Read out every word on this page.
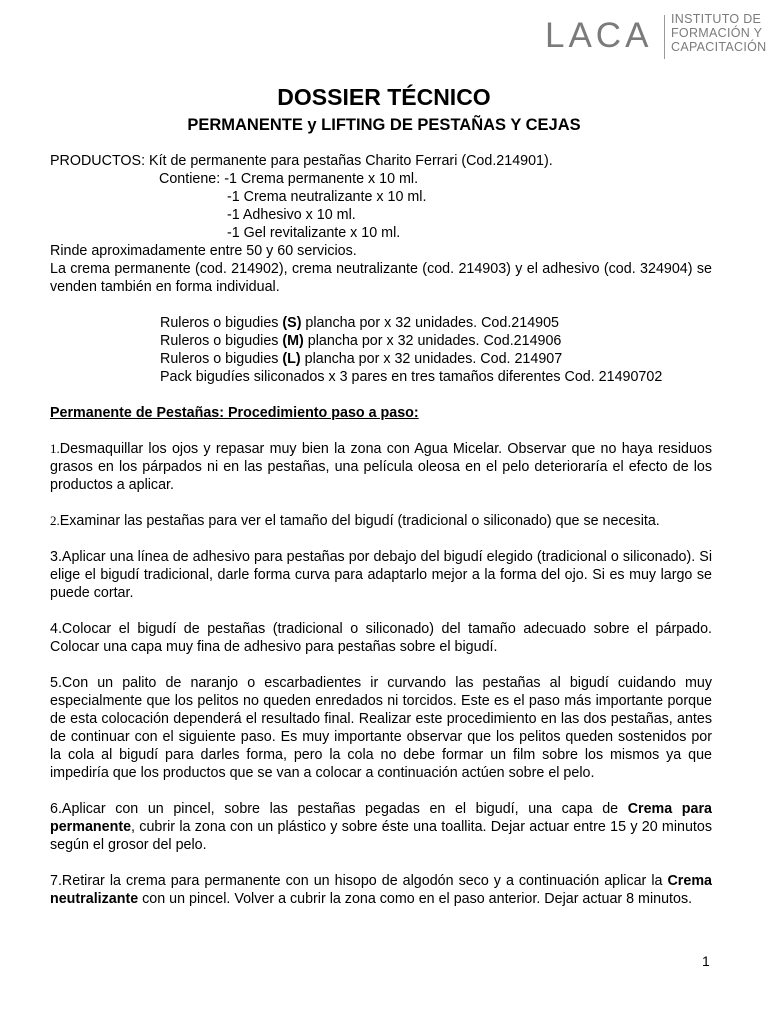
LACA INSTITUTO DE
FORMACIÓN Y
CAPACITACIÓN
DOSSIER TÉCNICO
PERMANENTE y LIFTING DE PESTAÑAS Y CEJAS

PRODUCTOS: Kít de permanente para pestañas Charito Ferrari (Cod.214901).

Contiene: -1 Crema permanente x 10 ml.

-1 Crema neutralizante x 10 ml.

-1 Adhesivo x 10 ml.

-1 Gel revitalizante x 10 ml.

Rinde aproximadamente entre 50 y 60 servicios.

La crema permanente (cod. 214902), crema neutralizante (cod. 214903) y el adhesivo (cod. 324904) se venden también en forma individual.

Ruleros o bigudies (S) plancha por x 32 unidades. Cod.214905

Ruleros o bigudies (M) plancha por x 32 unidades. Cod.214906

Ruleros o bigudies (L) plancha por x 32 unidades. Cod. 214907

Pack bigudíes siliconados x 3 pares en tres tamaños diferentes Cod. 21490702

Permanente de Pestañas: Procedimiento paso a paso:

1.Desmaquillar los ojos y repasar muy bien la zona con Agua Micelar. Observar que no haya residuos grasos en los párpados ni en las pestañas, una película oleosa en el pelo deterioraría el efecto de los productos a aplicar.

2.Examinar las pestañas para ver el tamaño del bigudí (tradicional o siliconado) que se necesita.

3.Aplicar una línea de adhesivo para pestañas por debajo del bigudí elegido (tradicional o siliconado). Si elige el bigudí tradicional, darle forma curva para adaptarlo mejor a la forma del ojo. Si es muy largo se puede cortar.

4.Colocar el bigudí de pestañas (tradicional o siliconado) del tamaño adecuado sobre el párpado. Colocar una capa muy fina de adhesivo para pestañas sobre el bigudí.

5.Con un palito de naranjo o escarbadientes ir curvando las pestañas al bigudí cuidando muy especialmente que los pelitos no queden enredados ni torcidos. Este es el paso más importante porque de esta colocación dependerá el resultado final. Realizar este procedimiento en las dos pestañas, antes de continuar con el siguiente paso. Es muy importante observar que los pelitos queden sostenidos por la cola al bigudí para darles forma, pero la cola no debe formar un film sobre los mismos ya que impediría que los productos que se van a colocar a continuación actúen sobre el pelo.

6.Aplicar con un pincel, sobre las pestañas pegadas en el bigudí, una capa de Crema para permanente, cubrir la zona con un plástico y sobre éste una toallita. Dejar actuar entre 15 y 20 minutos según el grosor del pelo.

7.Retirar la crema para permanente con un hisopo de algodón seco y a continuación aplicar la Crema neutralizante con un pincel. Volver a cubrir la zona como en el paso anterior. Dejar actuar 8 minutos.

1
